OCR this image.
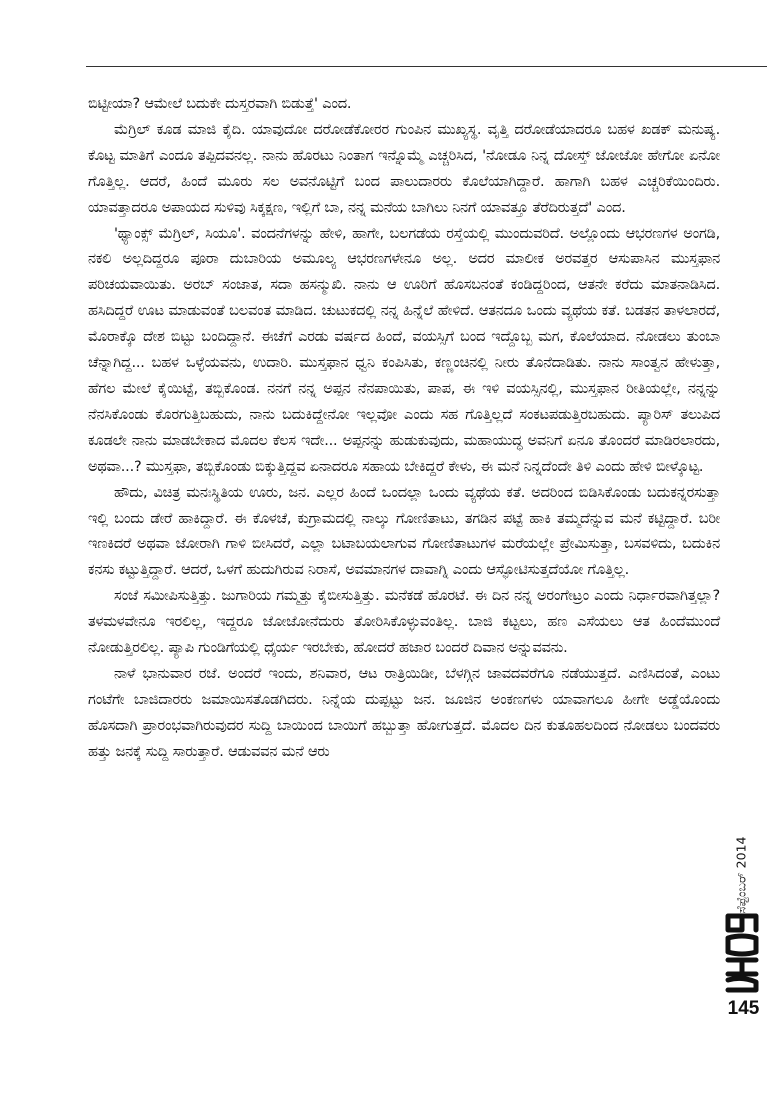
ಬಿಟ್ಟೀಯಾ? ಆಮೇಲೆ ಬದುಕೇ ದುಸ್ತರವಾಗಿ ಬಿಡುತ್ತೆ' ಎಂದ.

ಮೆಗ್ರಿಲ್ ಕೂಡ ಮಾಜಿ ಕೈದಿ. ಯಾವುದೋ ದರೋಡೆಕೋರರ ಗುಂಪಿನ ಮುಖ್ಯಸ್ಥ. ವೃತ್ತಿ ದರೋಡೆಯಾದರೂ ಬಹಳ ಖಡಕ್ ಮನುಷ್ಯ. ಕೊಟ್ಟ ಮಾತಿಗೆ ಎಂದೂ ತಪ್ಪಿದವನಲ್ಲ. ನಾನು ಹೊರಟು ನಿಂತಾಗ ಇನ್ನೊಮ್ಮೆ ಎಚ್ಚರಿಸಿದ, 'ನೋಡೂ ನಿನ್ನ ದೋಸ್ತ್ ಜೋಜೋ ಹೇಗೋ ಏನೋ ಗೊತ್ತಿಲ್ಲ. ಆದರೆ, ಹಿಂದೆ ಮೂರು ಸಲ ಅವನೊಟ್ಟಿಗೆ ಬಂದ ಪಾಲುದಾರರು ಕೊಲೆಯಾಗಿದ್ದಾರೆ. ಹಾಗಾಗಿ ಬಹಳ ಎಚ್ಚರಿಕೆಯಿಂದಿರು. ಯಾವತ್ತಾದರೂ ಅಪಾಯದ ಸುಳಿವು ಸಿಕ್ಕಕ್ಷಣ, ಇಲ್ಲಿಗೆ ಬಾ, ನನ್ನ ಮನೆಯ ಬಾಗಿಲು ನಿನಗೆ ಯಾವತ್ತೂ ತೆರೆದಿರುತ್ತದೆ' ಎಂದ.

'ಥ್ಯಾಂಕ್ಸ್ ಮೆಗ್ರಿಲ್, ಸಿಯೂ'. ವಂದನೆಗಳನ್ನು ಹೇಳಿ, ಹಾಗೇ, ಬಲಗಡೆಯ ರಸ್ತೆಯಲ್ಲಿ ಮುಂದುವರಿದೆ. ಅಲ್ಲೊಂದು ಆಭರಣಗಳ ಅಂಗಡಿ, ನಕಲಿ ಅಲ್ಲದಿದ್ದರೂ ಪೂರಾ ದುಬಾರಿಯ ಅಮೂಲ್ಯ ಆಭರಣಗಳೇನೂ ಅಲ್ಲ. ಅದರ ಮಾಲೀಕ ಅರವತ್ತರ ಆಸುಪಾಸಿನ ಮುಸ್ತಫಾನ ಪರಿಚಯವಾಯಿತು. ಅರಬ್ ಸಂಜಾತ, ಸದಾ ಹಸನ್ಮುಖಿ. ನಾನು ಆ ಊರಿಗೆ ಹೊಸಬನಂತೆ ಕಂಡಿದ್ದರಿಂದ, ಆತನೇ ಕರೆದು ಮಾತನಾಡಿಸಿದ. ಹಸಿದಿದ್ದರೆ ಊಟ ಮಾಡುವಂತೆ ಬಲವಂತ ಮಾಡಿದ. ಚುಟುಕದಲ್ಲಿ ನನ್ನ ಹಿನ್ನೆಲೆ ಹೇಳಿದೆ. ಆತನದೂ ಒಂದು ವ್ಯಥೆಯ ಕತೆ. ಬಡತನ ತಾಳಲಾರದೆ, ಮೊರಾಕ್ಕೊ ದೇಶ ಬಿಟ್ಟು ಬಂದಿದ್ದಾನೆ. ಈಚೆಗೆ ಎರಡು ವರ್ಷದ ಹಿಂದೆ, ವಯಸ್ಸಿಗೆ ಬಂದ ಇದ್ದೊಬ್ಬ ಮಗ, ಕೊಲೆಯಾದ. ನೋಡಲು ತುಂಬಾ ಚೆನ್ನಾಗಿದ್ದ... ಬಹಳ ಒಳ್ಳೆಯವನು, ಉದಾರಿ. ಮುಸ್ತಫಾನ ಧ್ವನಿ ಕಂಪಿಸಿತು, ಕಣ್ಣಂಚಿನಲ್ಲಿ ನೀರು ತೊನೆದಾಡಿತು. ನಾನು ಸಾಂತ್ವನ ಹೇಳುತ್ತಾ, ಹೆಗಲ ಮೇಲೆ ಕೈಯಿಟ್ಟೆ, ತಬ್ಬಿಕೊಂಡ. ನನಗೆ ನನ್ನ ಅಪ್ಪನ ನೆನಪಾಯಿತು, ಪಾಪ, ಈ ಇಳಿ ವಯಸ್ಸಿನಲ್ಲಿ, ಮುಸ್ತಫಾನ ರೀತಿಯಲ್ಲೇ, ನನ್ನನ್ನು ನೆನಸಿಕೊಂಡು ಕೊರಗುತ್ತಿಬಹುದು, ನಾನು ಬದುಕಿದ್ದೇನೋ ಇಲ್ಲವೋ ಎಂದು ಸಹ ಗೊತ್ತಿಲ್ಲದೆ ಸಂಕಟಪಡುತ್ತಿರಬಹುದು. ಪ್ಯಾರಿಸ್ ತಲುಪಿದ ಕೂಡಲೇ ನಾನು ಮಾಡಬೇಕಾದ ಮೊದಲ ಕೆಲಸ ಇದೇ... ಅಪ್ಪನನ್ನು ಹುಡುಕುವುದು, ಮಹಾಯುದ್ಧ ಅವನಿಗೆ ಏನೂ ತೊಂದರೆ ಮಾಡಿರಲಾರದು, ಅಥವಾ...? ಮುಸ್ತಫಾ, ತಬ್ಬಿಕೊಂಡು ಬಿಕ್ಕುತ್ತಿದ್ದವ ಏನಾದರೂ ಸಹಾಯ ಬೇಕಿದ್ದರೆ ಕೇಳು, ಈ ಮನೆ ನಿನ್ನದೆಂದೇ ತಿಳಿ ಎಂದು ಹೇಳಿ ಬೀಳ್ಕೊಟ್ಟ.

ಹೌದು, ವಿಚಿತ್ರ ಮನಃಸ್ಥಿತಿಯ ಊರು, ಜನ. ಎಲ್ಲರ ಹಿಂದೆ ಒಂದಲ್ಲಾ ಒಂದು ವ್ಯಥೆಯ ಕತೆ. ಅದರಿಂದ ಬಿಡಿಸಿಕೊಂಡು ಬದುಕನ್ನರಸುತ್ತಾ ಇಲ್ಲಿ ಬಂದು ಡೇರೆ ಹಾಕಿದ್ದಾರೆ. ಈ ಕೊಳಚೆ, ಕುಗ್ರಾಮದಲ್ಲಿ ನಾಲ್ಕು ಗೋಣಿತಾಟು, ತಗಡಿನ ಪಟ್ಟೆ ಹಾಕಿ ತಮ್ಮದೆನ್ನುವ ಮನೆ ಕಟ್ಟಿದ್ದಾರೆ. ಬರೀ ಇಣಕಿದರೆ ಅಥವಾ ಜೋರಾಗಿ ಗಾಳಿ ಬೀಸಿದರೆ, ಎಲ್ಲಾ ಬಟಾಬಯಲಾಗುವ ಗೋಣಿತಾಟುಗಳ ಮರೆಯಲ್ಲೇ ಪ್ರೇಮಿಸುತ್ತಾ, ಬಸವಳಿದು, ಬದುಕಿನ ಕನಸು ಕಟ್ಟುತ್ತಿದ್ದಾರೆ. ಆದರೆ, ಒಳಗೆ ಹುದುಗಿರುವ ನಿರಾಸೆ, ಅವಮಾನಗಳ ದಾವಾಗ್ನಿ ಎಂದು ಆಸ್ಫೋಟಿಸುತ್ತದೆಯೋ ಗೊತ್ತಿಲ್ಲ.

ಸಂಜೆ ಸಮೀಪಿಸುತ್ತಿತ್ತು. ಜುಗಾರಿಯ ಗಮ್ಮತ್ತು ಕೈಬೀಸುತ್ತಿತ್ತು. ಮನೆಕಡೆ ಹೊರಟೆ. ಈ ದಿನ ನನ್ನ ಅರಂಗೇಟ್ರಂ ಎಂದು ನಿರ್ಧಾರವಾಗಿತ್ತಲ್ಲಾ? ತಳಮಳವೇನೂ ಇರಲಿಲ್ಲ, ಇದ್ದರೂ ಜೋಜೋನೆದುರು ತೋರಿಸಿಕೊಳ್ಳುವಂತಿಲ್ಲ. ಬಾಜಿ ಕಟ್ಟಲು, ಹಣ ಎಸೆಯಲು ಆತ ಹಿಂದೆಮುಂದೆ ನೋಡುತ್ತಿರಲಿಲ್ಲ. ಪ್ಯಾಪಿ ಗುಂಡಿಗೆಯಲ್ಲಿ ಧೈರ್ಯ ಇರಬೇಕು, ಹೋದರೆ ಹಜಾರ ಬಂದರೆ ದಿವಾನ ಅನ್ನುವವನು.

ನಾಳೆ ಭಾನುವಾರ ರಜೆ. ಅಂದರೆ ಇಂದು, ಶನಿವಾರ, ಆಟ ರಾತ್ರಿಯಿಡೀ, ಬೆಳಗ್ಗಿನ ಜಾವದವರೆಗೂ ನಡೆಯುತ್ತದೆ. ಎಣಿಸಿದಂತೆ, ಎಂಟು ಗಂಟೆಗೇ ಬಾಜಿದಾರರು ಜಮಾಯಿಸತೊಡಗಿದರು. ನಿನ್ನೆಯ ದುಪ್ಪಟ್ಟು ಜನ. ಜೂಜಿನ ಅಂಕಣಗಳು ಯಾವಾಗಲೂ ಹೀಗೇ ಅಡ್ಡೆಯೊಂದು ಹೊಸದಾಗಿ ಪ್ರಾರಂಭವಾಗಿರುವುದರ ಸುದ್ದಿ ಬಾಯಿಂದ ಬಾಯಿಗೆ ಹಬ್ಬುತ್ತಾ ಹೋಗುತ್ತದೆ. ಮೊದಲ ದಿನ ಕುತೂಹಲದಿಂದ ನೋಡಲು ಬಂದವರು ಹತ್ತು ಜನಕ್ಕೆ ಸುದ್ದಿ ಸಾರುತ್ತಾರೆ. ಆಡುವವನ ಮನೆ ಆರು

ಸೆಪ್ಟೆಂಬರ್ 2014
145
